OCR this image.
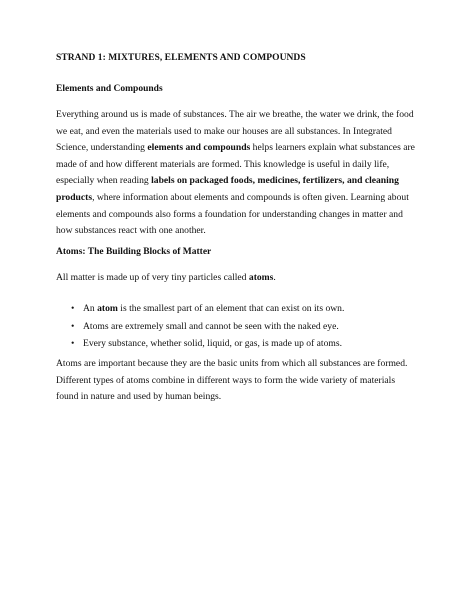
STRAND 1: MIXTURES, ELEMENTS AND COMPOUNDS
Elements and Compounds

Everything around us is made of substances. The air we breathe, the water we drink, the food we eat, and even the materials used to make our houses are all substances. In Integrated Science, understanding elements and compounds helps learners explain what substances are made of and how different materials are formed. This knowledge is useful in daily life, especially when reading labels on packaged foods, medicines, fertilizers, and cleaning products, where information about elements and compounds is often given. Learning about elements and compounds also forms a foundation for understanding changes in matter and how substances react with one another.

Atoms: The Building Blocks of Matter

All matter is made up of very tiny particles called atoms.

• An atom is the smallest part of an element that can exist on its own.
• Atoms are extremely small and cannot be seen with the naked eye.
• Every substance, whether solid, liquid, or gas, is made up of atoms.

Atoms are important because they are the basic units from which all substances are formed. Different types of atoms combine in different ways to form the wide variety of materials found in nature and used by human beings.
